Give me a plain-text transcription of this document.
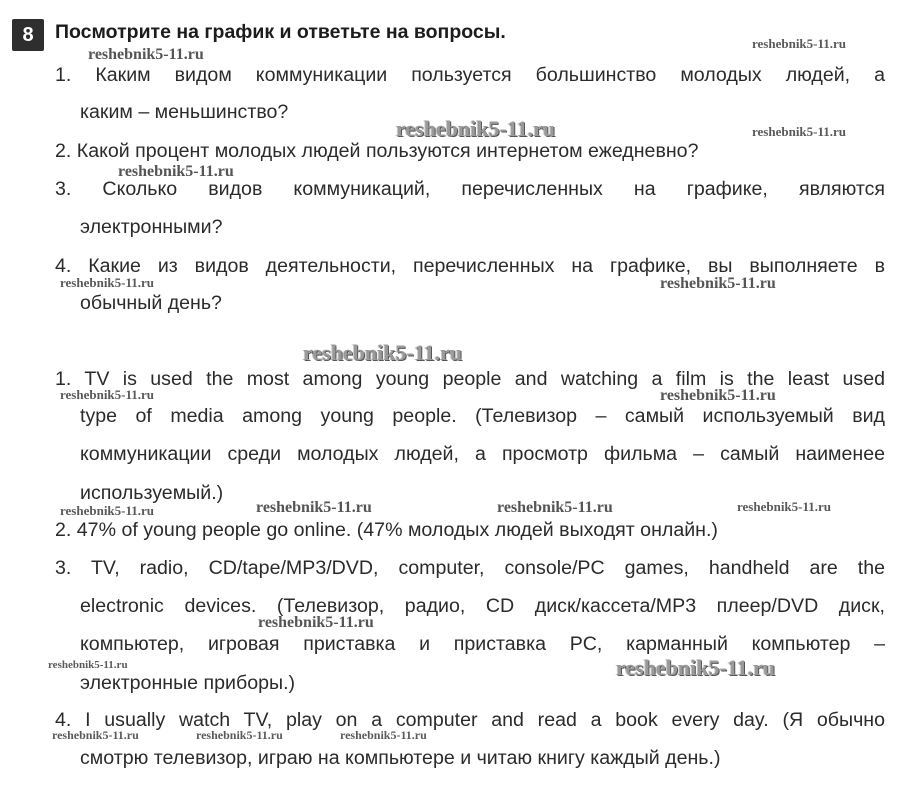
8	Посмотрите на график и ответьте на вопросы.
1. Каким видом коммуникации пользуется большинство молодых людей, а
каким – меньшинство?
2. Какой процент молодых людей пользуются интернетом ежедневно?
3. Сколько видов коммуникаций, перечисленных на графике, являются
электронными?
4. Какие из видов деятельности, перечисленных на графике, вы выполняете в
обычный день?
1. TV is used the most among young people and watching a film is the least used
type of media among young people. (Телевизор – самый используемый вид
коммуникации среди молодых людей, а просмотр фильма – самый наименее
используемый.)
2. 47% of young people go online. (47% молодых людей выходят онлайн.)
3. TV, radio, CD/tape/MP3/DVD, computer, console/PC games, handheld are the
electronic devices. (Телевизор, радио, CD диск/кассета/MP3 плеер/DVD диск,
компьютер, игровая приставка и приставка PC, карманный компьютер –
электронные приборы.)
4. I usually watch TV, play on a computer and read a book every day. (Я обычно
смотрю телевизор, играю на компьютере и читаю книгу каждый день.)
reshebnik5-11.ru
reshebnik5-11.ru
reshebnik5-11.ru	reshebnik5-11.ru
reshebnik5-11.ru
reshebnik5-11.ru	reshebnik5-11.ru
reshebnik5-11.ru
reshebnik5-11.ru	reshebnik5-11.ru
reshebnik5-11.ru	reshebnik5-11.ru	reshebnik5-11.ru	reshebnik5-11.ru
reshebnik5-11.ru
reshebnik5-11.ru	reshebnik5-11.ru
reshebnik5-11.ru	reshebnik5-11.ru	reshebnik5-11.ru
